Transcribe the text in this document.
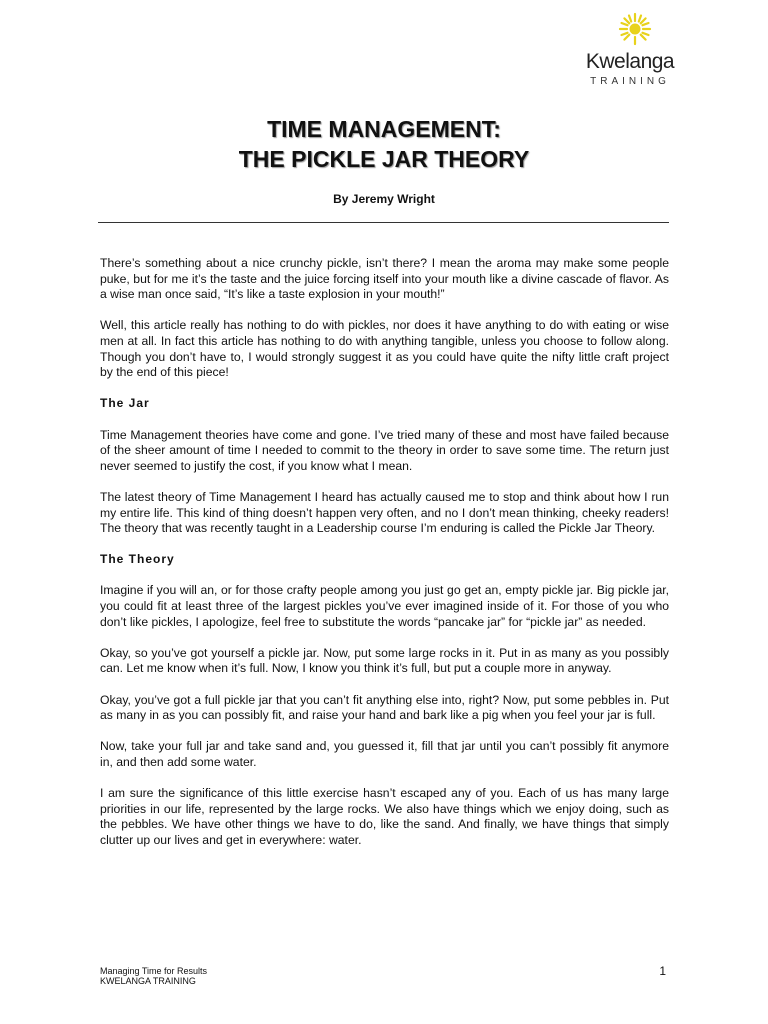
Kwelanga
TRAINING
TIME MANAGEMENT:
THE PICKLE JAR THEORY

By Jeremy Wright

There’s something about a nice crunchy pickle, isn’t there? I mean the aroma may make some people puke, but for me it’s the taste and the juice forcing itself into your mouth like a divine cascade of flavor. As a wise man once said, “It’s like a taste explosion in your mouth!”

Well, this article really has nothing to do with pickles, nor does it have anything to do with eating or wise men at all. In fact this article has nothing to do with anything tangible, unless you choose to follow along. Though you don’t have to, I would strongly suggest it as you could have quite the nifty little craft project by the end of this piece!

The Jar

Time Management theories have come and gone. I’ve tried many of these and most have failed because of the sheer amount of time I needed to commit to the theory in order to save some time. The return just never seemed to justify the cost, if you know what I mean.

The latest theory of Time Management I heard has actually caused me to stop and think about how I run my entire life. This kind of thing doesn’t happen very often, and no I don’t mean thinking, cheeky readers! The theory that was recently taught in a Leadership course I’m enduring is called the Pickle Jar Theory.

The Theory

Imagine if you will an, or for those crafty people among you just go get an, empty pickle jar. Big pickle jar, you could fit at least three of the largest pickles you’ve ever imagined inside of it. For those of you who don’t like pickles, I apologize, feel free to substitute the words “pancake jar” for “pickle jar” as needed.

Okay, so you’ve got yourself a pickle jar. Now, put some large rocks in it. Put in as many as you possibly can. Let me know when it’s full. Now, I know you think it’s full, but put a couple more in anyway.

Okay, you’ve got a full pickle jar that you can’t fit anything else into, right? Now, put some pebbles in. Put as many in as you can possibly fit, and raise your hand and bark like a pig when you feel your jar is full.

Now, take your full jar and take sand and, you guessed it, fill that jar until you can’t possibly fit anymore in, and then add some water.

I am sure the significance of this little exercise hasn’t escaped any of you. Each of us has many large priorities in our life, represented by the large rocks. We also have things which we enjoy doing, such as the pebbles. We have other things we have to do, like the sand. And finally, we have things that simply clutter up our lives and get in everywhere: water.

Managing Time for Results
KWELANGA TRAINING
1
